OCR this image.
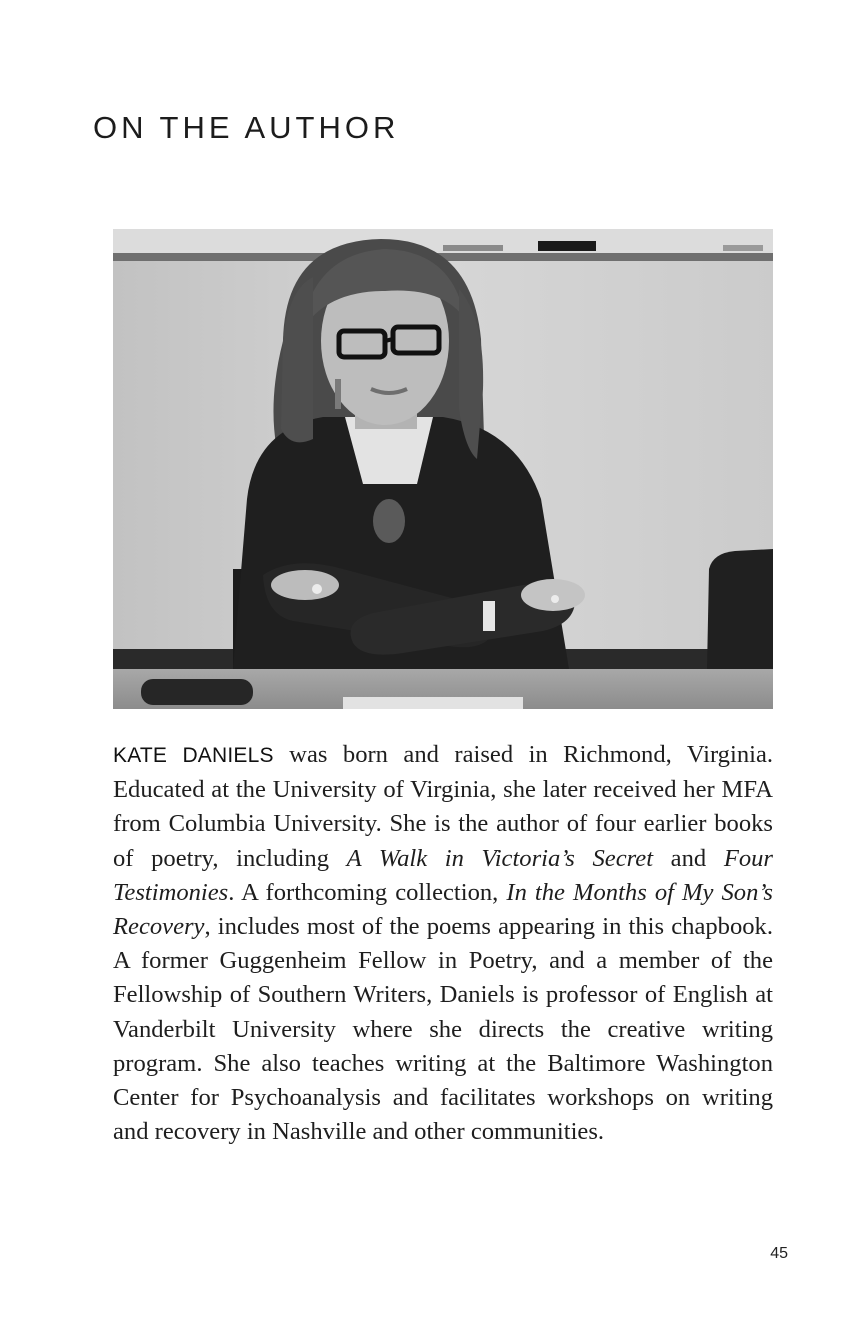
ON THE AUTHOR

KATE DANIELS was born and raised in Richmond, Virginia. Educated at the University of Virginia, she later received her MFA from Columbia University. She is the author of four earlier books of poetry, including A Walk in Victoria’s Secret and Four Testimonies. A forthcoming collection, In the Months of My Son’s Recovery, includes most of the poems appearing in this chapbook. A former Guggenheim Fellow in Poetry, and a member of the Fellowship of Southern Writers, Daniels is professor of English at Vanderbilt University where she directs the creative writing program. She also teaches writing at the Baltimore Washington Center for Psychoanalysis and facilitates workshops on writing and recovery in Nashville and other communities.

45
